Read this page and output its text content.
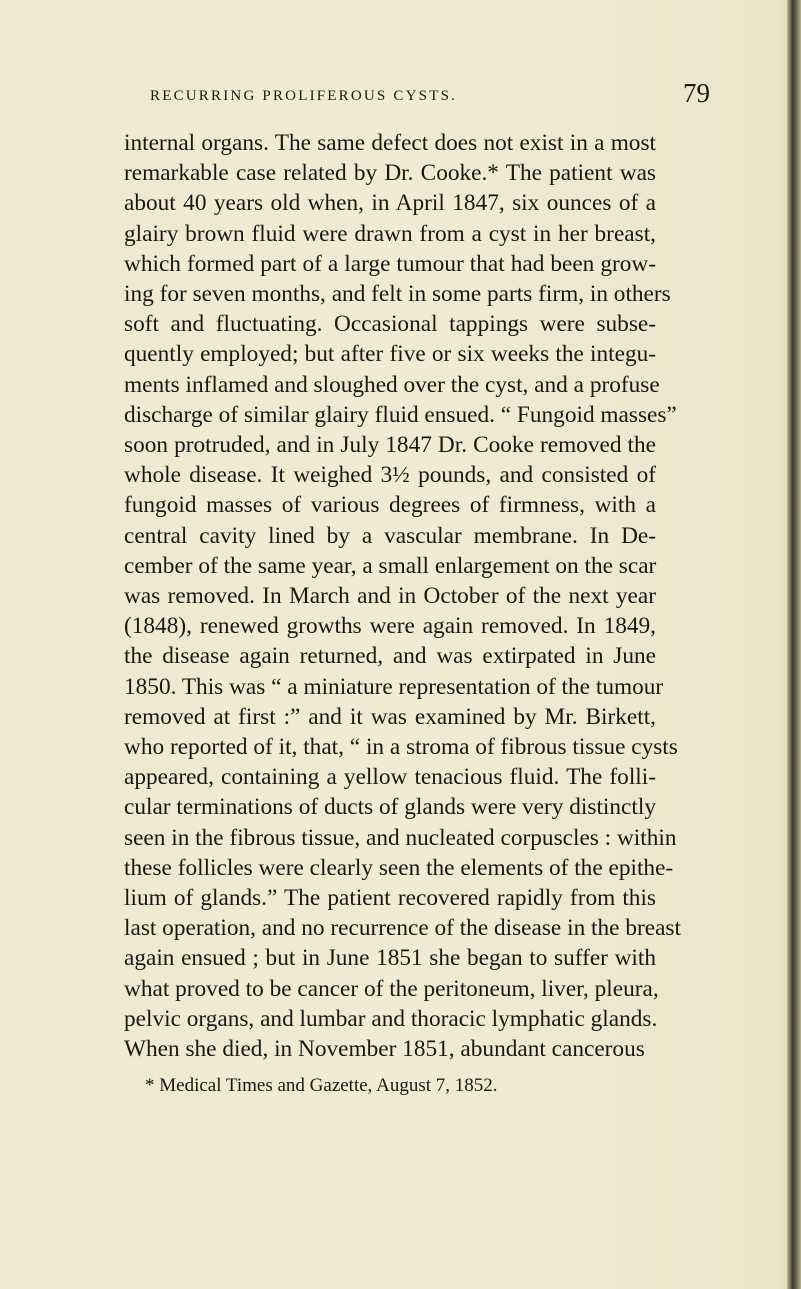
RECURRING PROLIFEROUS CYSTS.	79

internal organs. The same defect does not exist in a most
remarkable case related by Dr. Cooke.* The patient was
about 40 years old when, in April 1847, six ounces of a
glairy brown fluid were drawn from a cyst in her breast,
which formed part of a large tumour that had been grow-
ing for seven months, and felt in some parts firm, in others
soft and fluctuating. Occasional tappings were subse-
quently employed; but after five or six weeks the integu-
ments inflamed and sloughed over the cyst, and a profuse
discharge of similar glairy fluid ensued. “ Fungoid masses”
soon protruded, and in July 1847 Dr. Cooke removed the
whole disease. It weighed 3½ pounds, and consisted of
fungoid masses of various degrees of firmness, with a
central cavity lined by a vascular membrane. In De-
cember of the same year, a small enlargement on the scar
was removed. In March and in October of the next year
(1848), renewed growths were again removed. In 1849,
the disease again returned, and was extirpated in June
1850. This was “ a miniature representation of the tumour
removed at first :” and it was examined by Mr. Birkett,
who reported of it, that, “ in a stroma of fibrous tissue cysts
appeared, containing a yellow tenacious fluid. The folli-
cular terminations of ducts of glands were very distinctly
seen in the fibrous tissue, and nucleated corpuscles : within
these follicles were clearly seen the elements of the epithe-
lium of glands.” The patient recovered rapidly from this
last operation, and no recurrence of the disease in the breast
again ensued ; but in June 1851 she began to suffer with
what proved to be cancer of the peritoneum, liver, pleura,
pelvic organs, and lumbar and thoracic lymphatic glands.
When she died, in November 1851, abundant cancerous

* Medical Times and Gazette, August 7, 1852.
